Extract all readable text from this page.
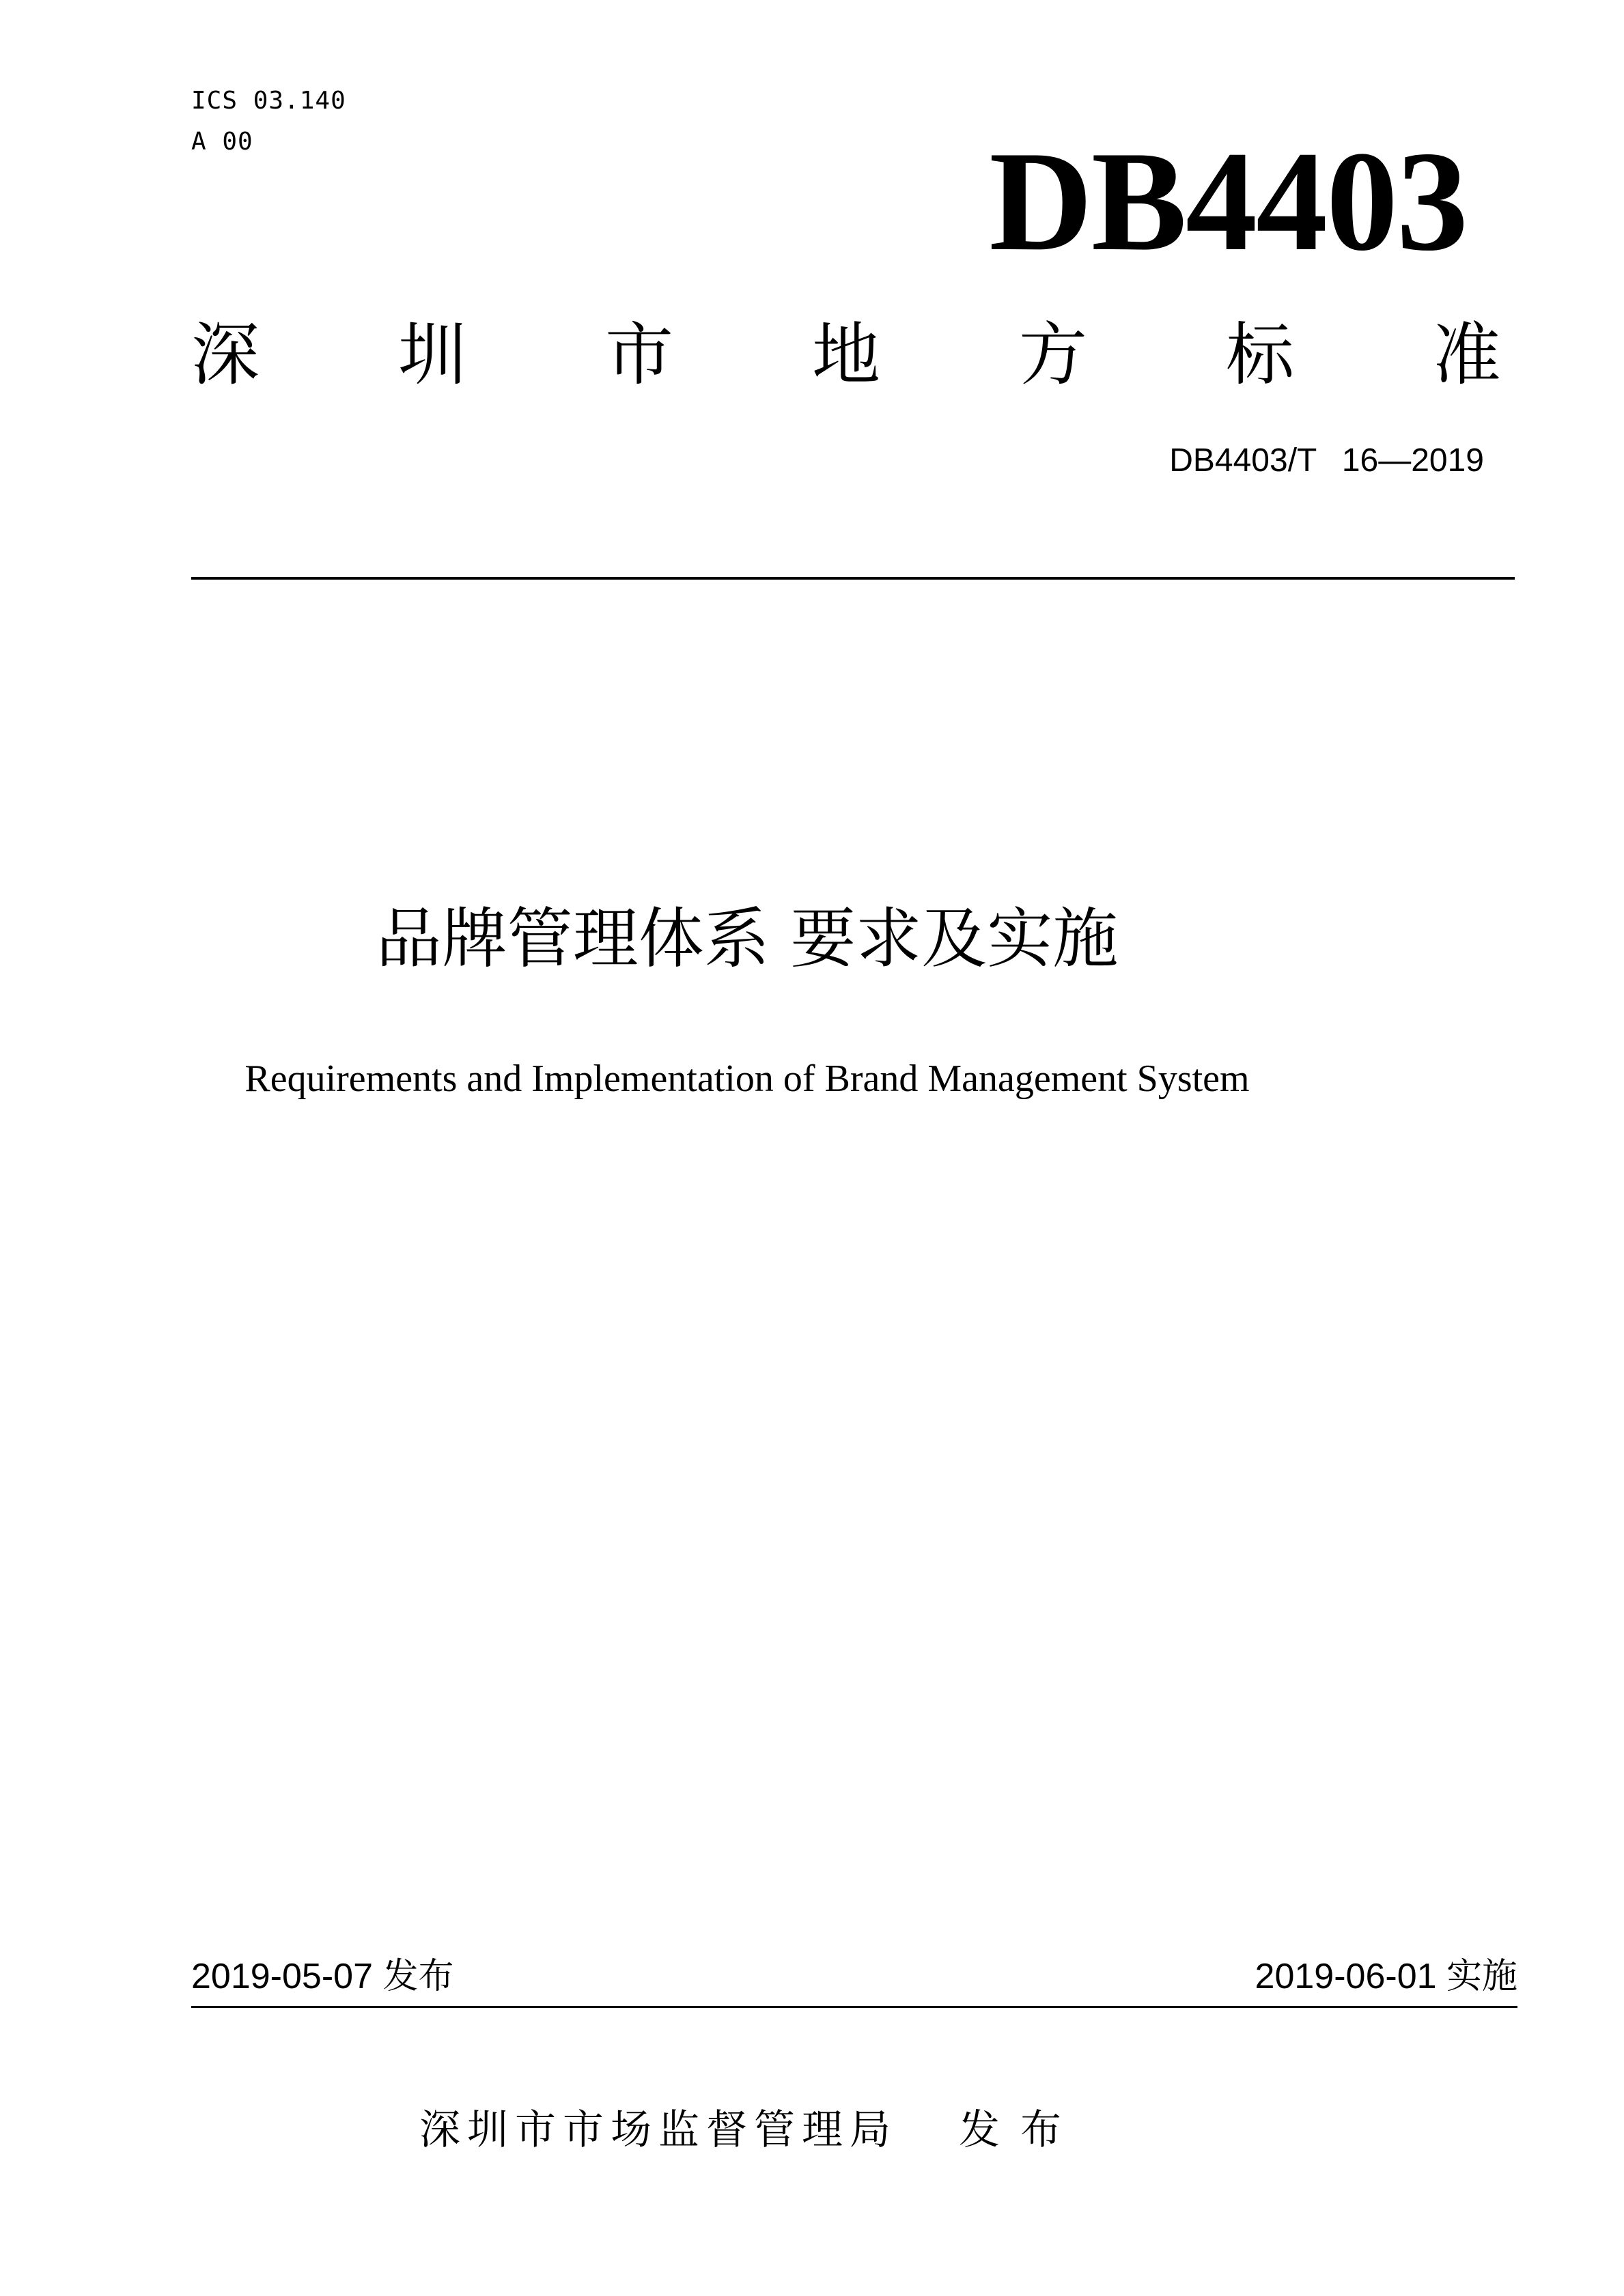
ICS 03.140
A 00	DB4403
深 圳 市 地 方 标 准
DB4403/T 16—2019
品牌管理体系 要求及实施
Requirements and Implementation of Brand Management System
2019-05-07 发布	2019-06-01 实施
深圳市市场监督管理局 发布
